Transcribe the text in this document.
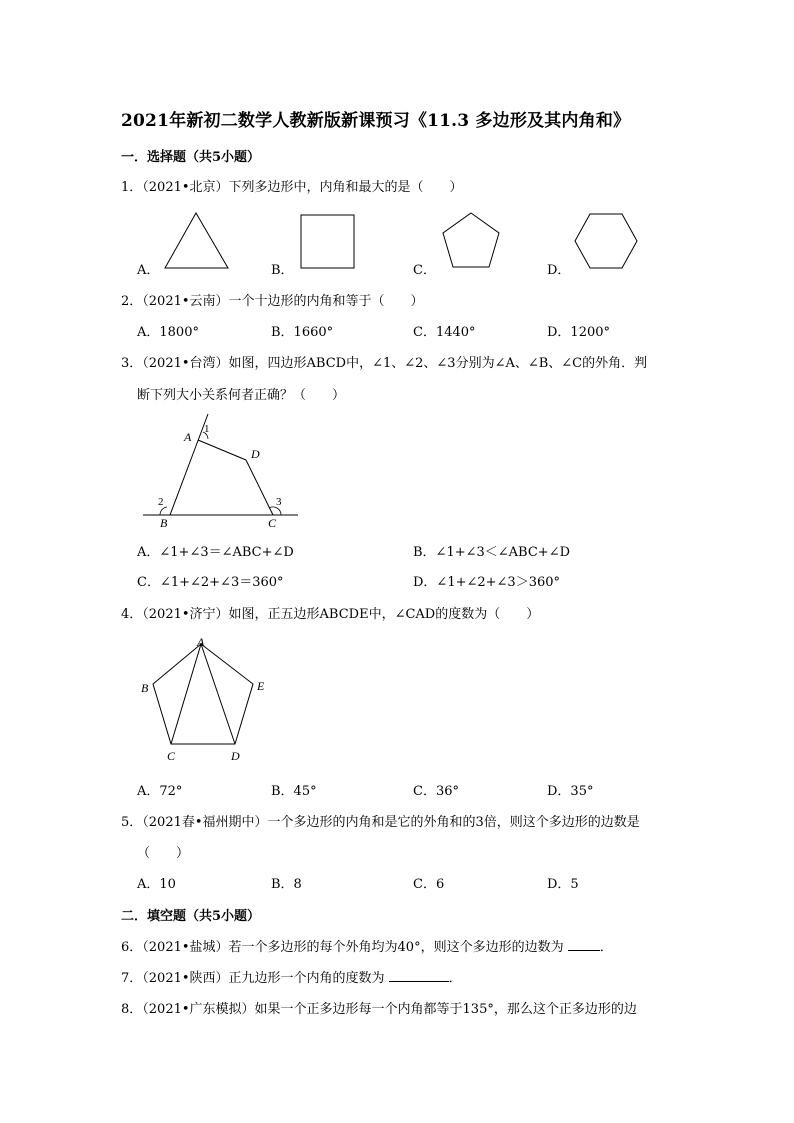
2021年新初二数学人教新版新课预习《11.3 多边形及其内角和》
一．选择题（共5小题）
1．（2021•北京）下列多边形中，内角和最大的是（　　）
A．	B．	C．	D．
2．（2021•云南）一个十边形的内角和等于（　　）
A．1800°	B．1660°	C．1440°	D．1200°
3．（2021•台湾）如图，四边形ABCD中，∠1、∠2、∠3分别为∠A、∠B、∠C的外角．判
断下列大小关系何者正确？（　　）
A
1
D
2	3
B	C
A．∠1+∠3＝∠ABC+∠D	B．∠1+∠3＜∠ABC+∠D
C．∠1+∠2+∠3＝360°	D．∠1+∠2+∠3＞360°
4．（2021•济宁）如图，正五边形ABCDE中，∠CAD的度数为（　　）
A
B	E
C	D
A．72°	B．45°	C．36°	D．35°
5．（2021春•福州期中）一个多边形的内角和是它的外角和的3倍，则这个多边形的边数是
（　　）
A．10	B．8	C．6	D．5
二．填空题（共5小题）
6．（2021•盐城）若一个多边形的每个外角均为40°，则这个多边形的边数为	．
7．（2021•陕西）正九边形一个内角的度数为	．
8．（2021•广东模拟）如果一个正多边形每一个内角都等于135°，那么这个正多边形的边
